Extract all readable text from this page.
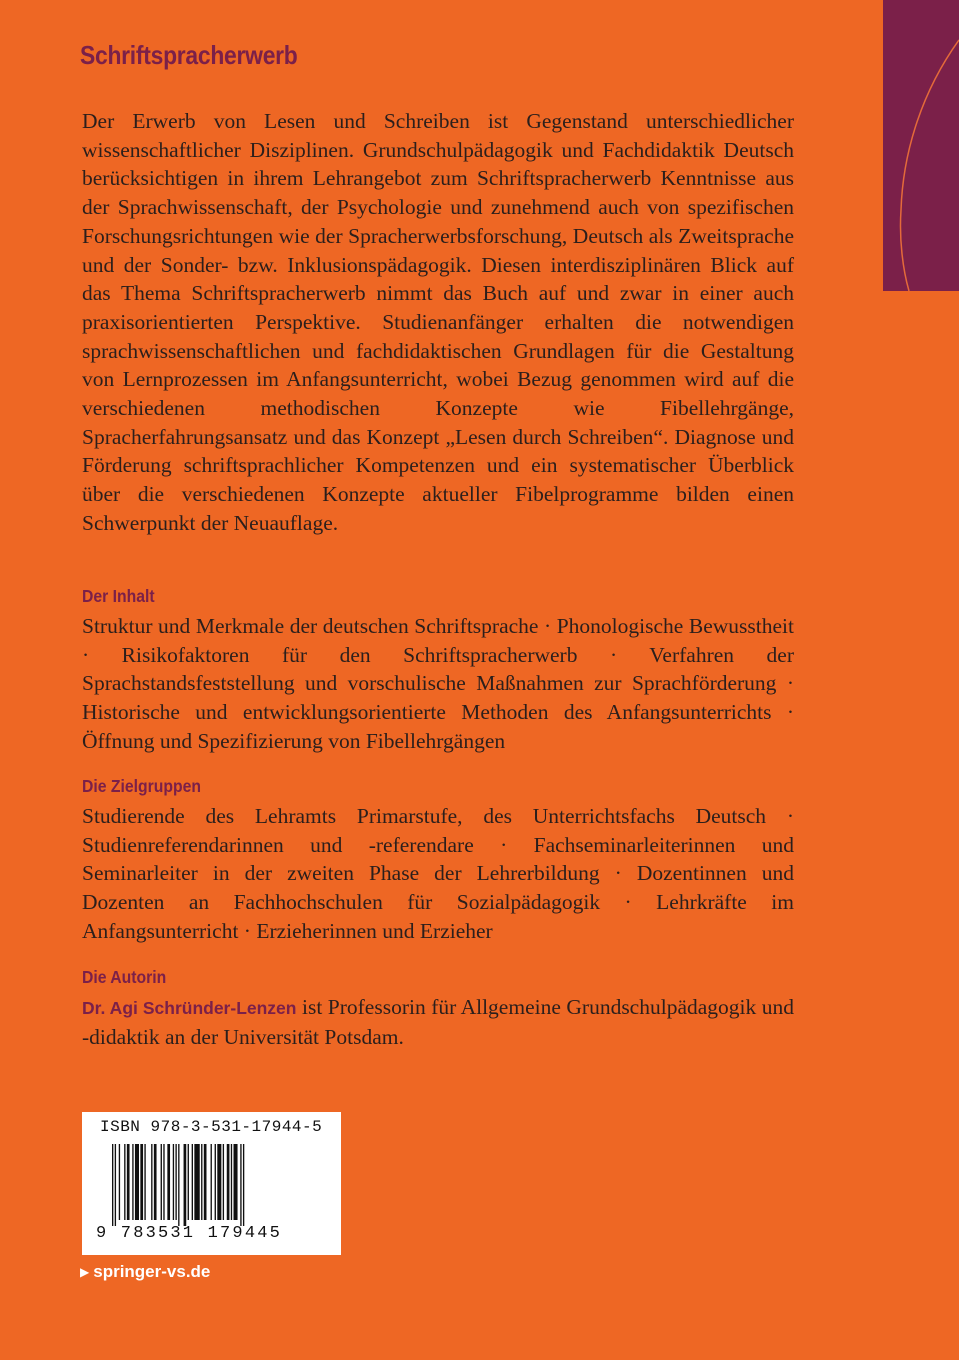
Schriftspracherwerb

Der Erwerb von Lesen und Schreiben ist Gegenstand unterschiedlicher wissenschaftlicher Disziplinen. Grundschulpädagogik und Fachdidaktik Deutsch berücksichtigen in ihrem Lehrangebot zum Schriftspracherwerb Kenntnisse aus der Sprachwissenschaft, der Psychologie und zunehmend auch von spezifischen Forschungsrichtungen wie der Spracherwerbsforschung, Deutsch als Zweitsprache und der Sonder- bzw. Inklusionspädagogik. Diesen interdisziplinären Blick auf das Thema Schriftspracherwerb nimmt das Buch auf und zwar in einer auch praxisorientierten Perspektive. Studienanfänger erhalten die notwendigen sprachwissenschaftlichen und fachdidaktischen Grundlagen für die Gestaltung von Lernprozessen im Anfangsunterricht, wobei Bezug genommen wird auf die verschiedenen methodischen Konzepte wie Fibellehrgänge, Spracherfahrungsansatz und das Konzept „Lesen durch Schreiben“. Diagnose und Förderung schriftsprachlicher Kompetenzen und ein systematischer Überblick über die verschiedenen Konzepte aktueller Fibelprogramme bilden einen Schwerpunkt der Neuauflage.

Der Inhalt

Struktur und Merkmale der deutschen Schriftsprache · Phonologische Bewusstheit · Risikofaktoren für den Schriftspracherwerb · Verfahren der Sprachstandsfeststellung und vorschulische Maßnahmen zur Sprachförderung · Historische und entwicklungsorientierte Methoden des Anfangsunterrichts · Öffnung und Spezifizierung von Fibellehrgängen

Die Zielgruppen

Studierende des Lehramts Primarstufe, des Unterrichtsfachs Deutsch · Studienreferendarinnen und -referendare · Fachseminarleiterinnen und Seminarleiter in der zweiten Phase der Lehrerbildung · Dozentinnen und Dozenten an Fachhochschulen für Sozialpädagogik · Lehrkräfte im Anfangsunterricht · Erzieherinnen und Erzieher

Die Autorin

Dr. Agi Schründer-Lenzen ist Professorin für Allgemeine Grundschulpädagogik und -didaktik an der Universität Potsdam.

ISBN 978-3-531-17944-5
9 783531 179445
▶ springer-vs.de
